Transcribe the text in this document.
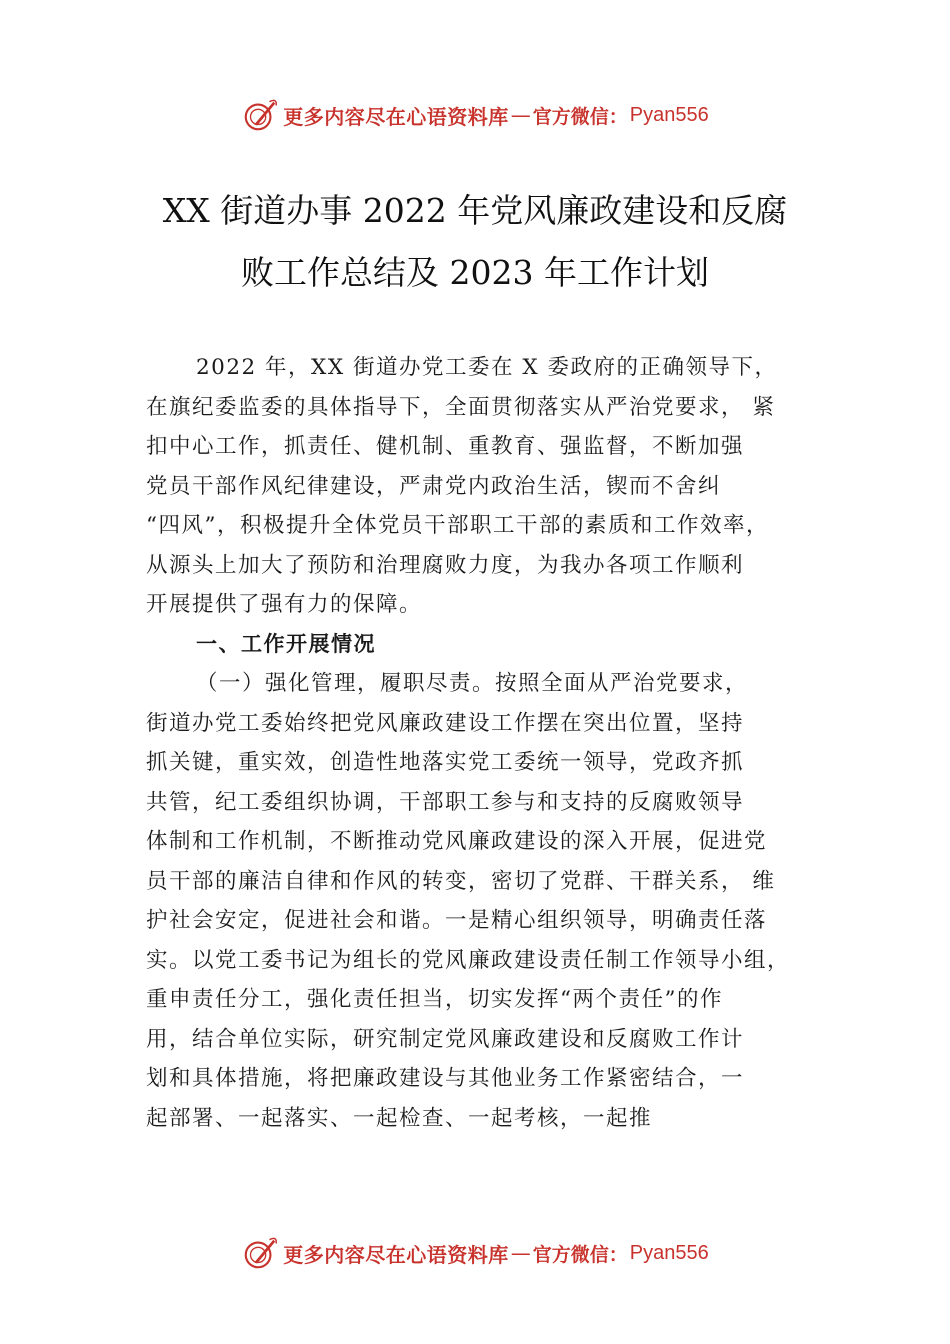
更多内容尽在心语资料库 — 官方微信： Pyan556
XX 街道办事 2022 年党风廉政建设和反腐
败工作总结及 2023 年工作计划
2022 年，XX 街道办党工委在 X 委政府的正确领导下，
在旗纪委监委的具体指导下，全面贯彻落实从严治党要求， 紧
扣中心工作，抓责任、健机制、重教育、强监督，不断加强
党员干部作风纪律建设，严肃党内政治生活，锲而不舍纠
“四风”，积极提升全体党员干部职工干部的素质和工作效率，
从源头上加大了预防和治理腐败力度，为我办各项工作顺利
开展提供了强有力的保障。
一、工作开展情况
（一）强化管理，履职尽责。按照全面从严治党要求，
街道办党工委始终把党风廉政建设工作摆在突出位置，坚持
抓关键，重实效，创造性地落实党工委统一领导，党政齐抓
共管，纪工委组织协调，干部职工参与和支持的反腐败领导
体制和工作机制，不断推动党风廉政建设的深入开展，促进党
员干部的廉洁自律和作风的转变，密切了党群、干群关系， 维
护社会安定，促进社会和谐。一是精心组织领导，明确责任落
实。以党工委书记为组长的党风廉政建设责任制工作领导小组，
重申责任分工，强化责任担当，切实发挥“两个责任”的作
用，结合单位实际，研究制定党风廉政建设和反腐败工作计
划和具体措施，将把廉政建设与其他业务工作紧密结合，一
起部署、一起落实、一起检查、一起考核，一起推
更多内容尽在心语资料库 — 官方微信： Pyan556
